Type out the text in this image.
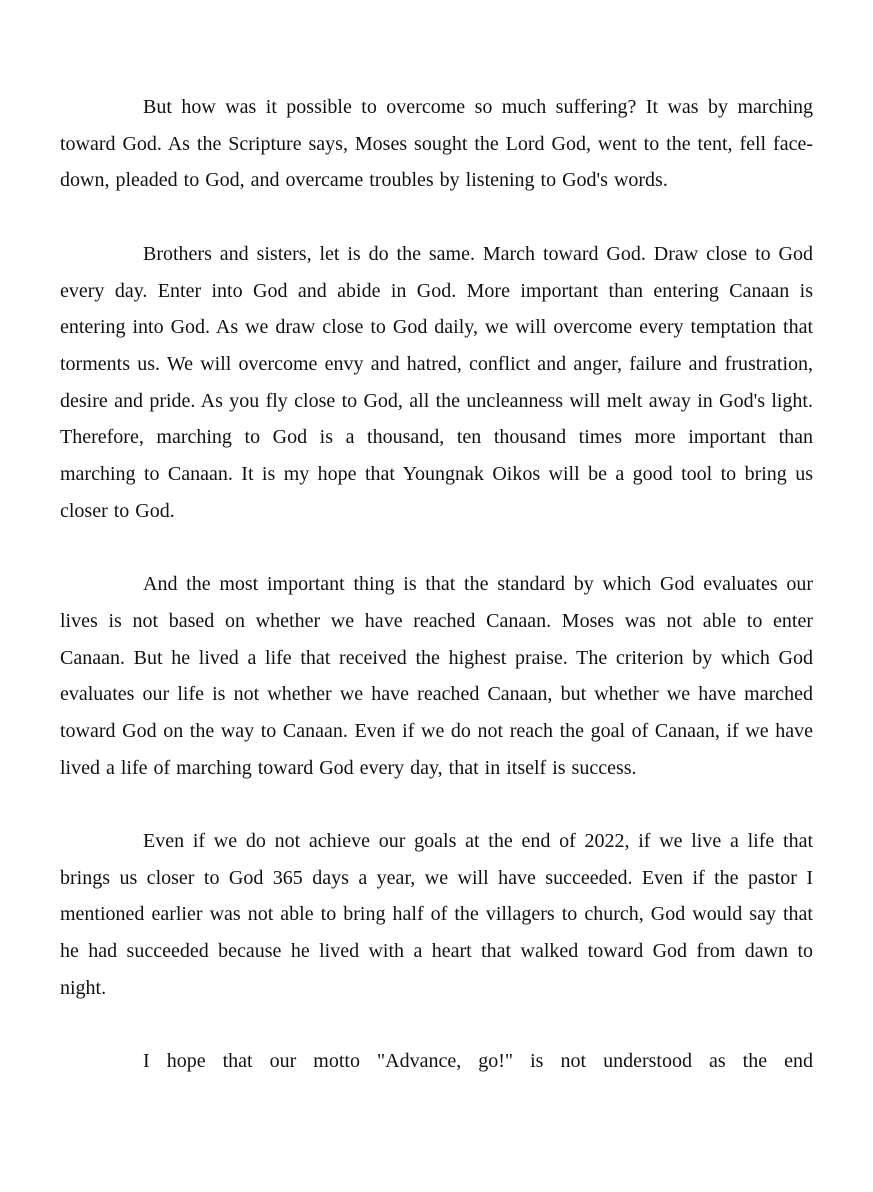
But how was it possible to overcome so much suffering? It was by marching toward God. As the Scripture says, Moses sought the Lord God, went to the tent, fell face-down, pleaded to God, and overcame troubles by listening to God's words.

Brothers and sisters, let is do the same. March toward God. Draw close to God every day. Enter into God and abide in God. More important than entering Canaan is entering into God. As we draw close to God daily, we will overcome every temptation that torments us. We will overcome envy and hatred, conflict and anger, failure and frustration, desire and pride. As you fly close to God, all the uncleanness will melt away in God's light. Therefore, marching to God is a thousand, ten thousand times more important than marching to Canaan. It is my hope that Youngnak Oikos will be a good tool to bring us closer to God.

And the most important thing is that the standard by which God evaluates our lives is not based on whether we have reached Canaan. Moses was not able to enter Canaan. But he lived a life that received the highest praise. The criterion by which God evaluates our life is not whether we have reached Canaan, but whether we have marched toward God on the way to Canaan. Even if we do not reach the goal of Canaan, if we have lived a life of marching toward God every day, that in itself is success.

Even if we do not achieve our goals at the end of 2022, if we live a life that brings us closer to God 365 days a year, we will have succeeded. Even if the pastor I mentioned earlier was not able to bring half of the villagers to church, God would say that he had succeeded because he lived with a heart that walked toward God from dawn to night.

I hope that our motto "Advance, go!" is not understood as the end
